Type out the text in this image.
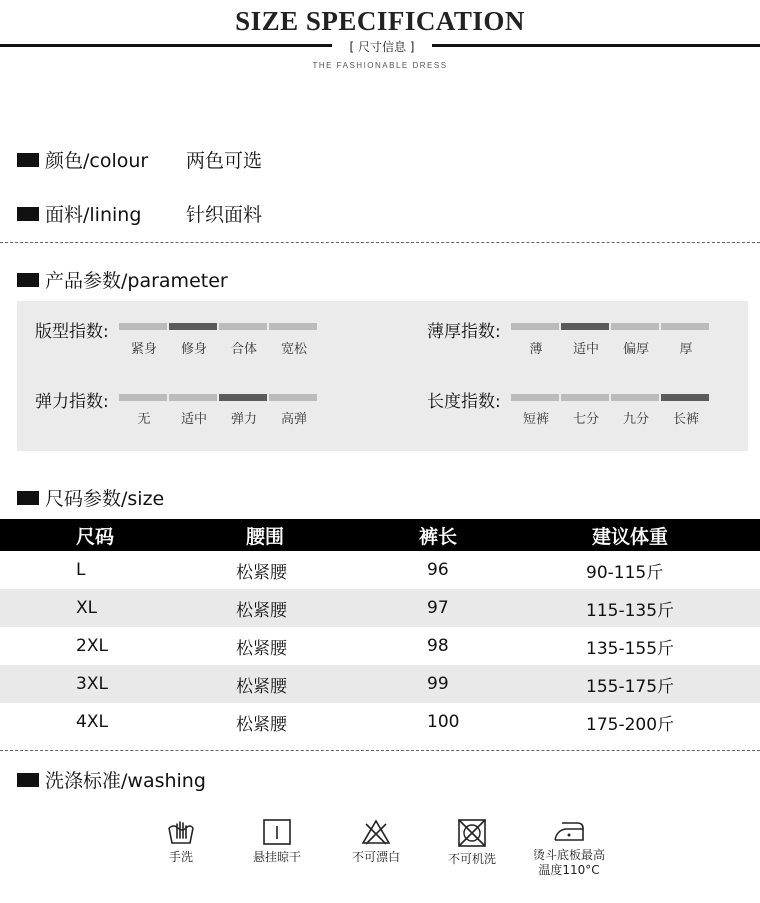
SIZE SPECIFICATION
[ 尺寸信息 ]
THE FASHIONABLE DRESS
颜色/colour 两色可选
面料/lining 针织面料
产品参数/parameter
版型指数:
紧身	修身	合体	宽松
薄厚指数:
薄	适中	偏厚	厚
弹力指数:
无	适中	弹力	高弹
长度指数:
短裤	七分	九分	长裤
尺码参数/size
尺码	腰围	裤长	建议体重
L	松紧腰	96	90-115斤
XL	松紧腰	97	115-135斤
2XL	松紧腰	98	135-155斤
3XL	松紧腰	99	155-175斤
4XL	松紧腰	100	175-200斤
洗涤标准/washing
手洗	悬挂晾干	不可漂白	不可机洗	烫斗底板最高
温度110°C
